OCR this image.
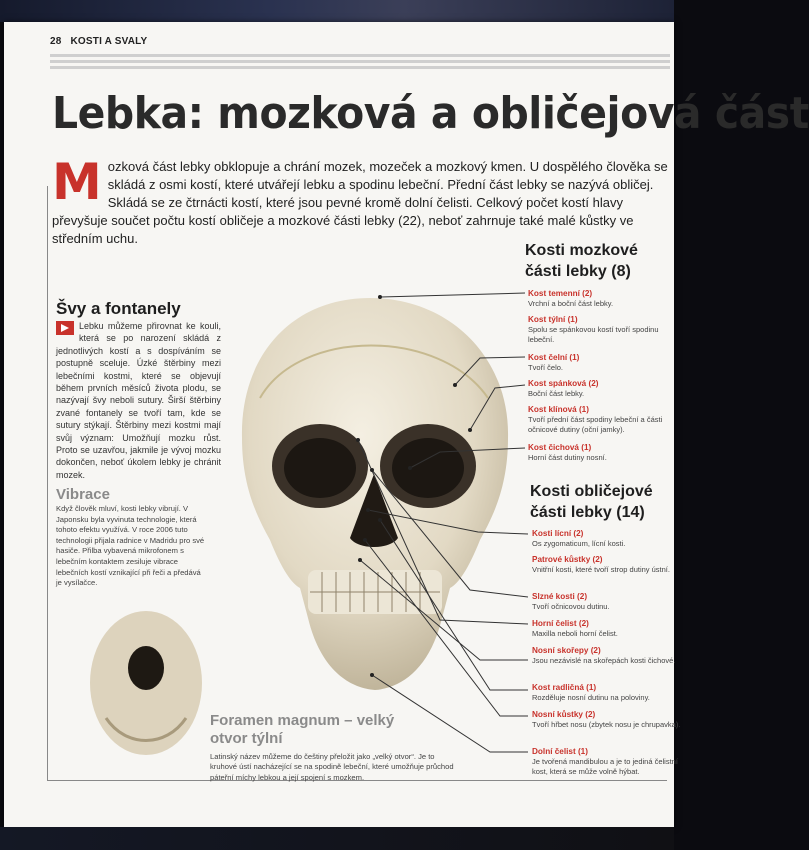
28 KOSTI A SVALY
Lebka: mozková a obličejová část
M ozková část lebky obklopuje a chrání mozek, mozeček a mozkový kmen. U dospělého člověka se skládá z osmi kostí, které utvářejí lebku a spodinu lebeční. Přední část lebky se nazývá obličej. Skládá se ze čtrnácti kostí, které jsou pevné kromě dolní čelisti. Celkový počet kostí hlavy převyšuje součet počtu kostí obličeje a mozkové části lebky (22), neboť zahrnuje také malé kůstky ve středním uchu.
Švy a fontanely
Lebku můžeme přirovnat ke kouli, která se po narození skládá z jednotlivých kostí a s dospíváním se postupně sceluje. Úzké štěrbiny mezi lebečními kostmi, které se objevují během prvních měsíců života plodu, se nazývají švy neboli sutury. Širší štěrbiny zvané fontanely se tvoří tam, kde se sutury stýkají. Štěrbiny mezi kostmi mají svůj význam: Umožňují mozku růst. Proto se uzavřou, jakmile je vývoj mozku dokončen, neboť úkolem lebky je chránit mozek.
Vibrace
Když člověk mluví, kosti lebky vibrují. V Japonsku byla vyvinuta technologie, která tohoto efektu využívá. V roce 2006 tuto technologii přijala radnice v Madridu pro své hasiče. Přilba vybavená mikrofonem s lebečním kontaktem zesiluje vibrace lebečních kostí vznikající při řeči a předává je vysílačce.
Foramen magnum – velký otvor týlní
Latinský název můžeme do češtiny přeložit jako „velký otvor“. Je to kruhové ústí nacházející se na spodině lebeční, které umožňuje průchod páteřní míchy lebkou a její spojení s mozkem.
Kosti mozkové části lebky (8)
Kost temenní (2)
Vrchní a boční část lebky.
Kost týlní (1)
Spolu se spánkovou kostí tvoří spodinu lebeční.
Kost čelní (1)
Tvoří čelo.
Kost spánková (2)
Boční část lebky.
Kost klínová (1)
Tvoří přední část spodiny lebeční a části očnicové dutiny (oční jamky).
Kost čichová (1)
Horní část dutiny nosní.
Kosti obličejové části lebky (14)
Kosti lícní (2)
Os zygomaticum, lícní kosti.
Patrové kůstky (2)
Vnitřní kosti, které tvoří strop dutiny ústní.
Slzné kosti (2)
Tvoří očnicovou dutinu.
Horní čelist (2)
Maxilla neboli horní čelist.
Nosní skořepy (2)
Jsou nezávislé na skořepách kosti čichové.
Kost radličná (1)
Rozděluje nosní dutinu na poloviny.
Nosní kůstky (2)
Tvoří hřbet nosu (zbytek nosu je chrupavka).
Dolní čelist (1)
Je tvořená mandibulou a je to jediná čelistní kost, která se může volně hýbat.
